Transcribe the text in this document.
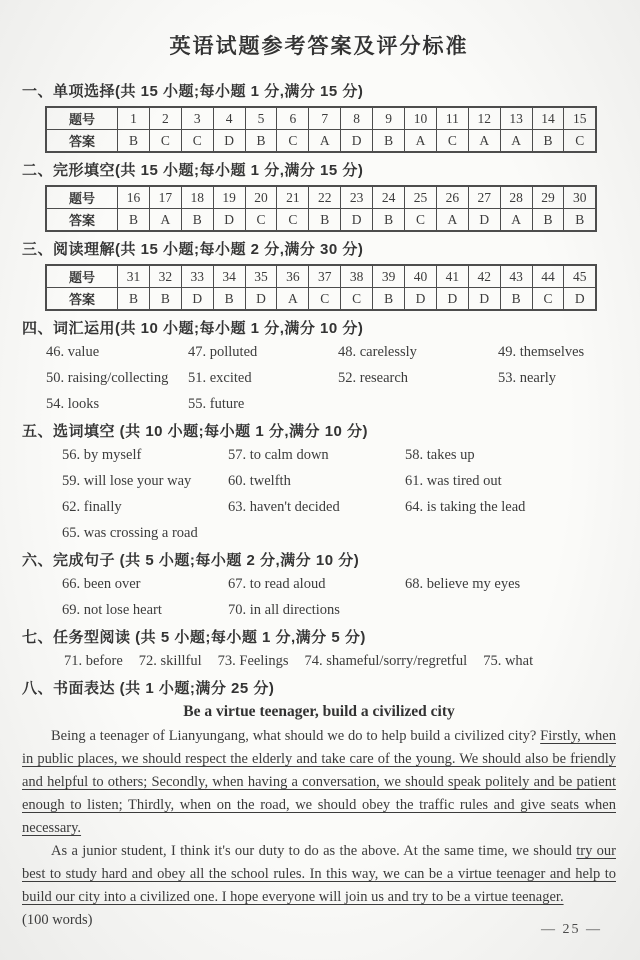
英语试题参考答案及评分标准
一、单项选择(共 15 小题;每小题 1 分,满分 15 分)
题号	1	2	3	4	5	6	7	8	9	10	11	12	13	14	15
答案	B	C	C	D	B	C	A	D	B	A	C	A	A	B	C
二、完形填空(共 15 小题;每小题 1 分,满分 15 分)
题号	16	17	18	19	20	21	22	23	24	25	26	27	28	29	30
答案	B	A	B	D	C	C	B	D	B	C	A	D	A	B	B
三、阅读理解(共 15 小题;每小题 2 分,满分 30 分)
题号	31	32	33	34	35	36	37	38	39	40	41	42	43	44	45
答案	B	B	D	B	D	A	C	C	B	D	D	D	B	C	D
四、词汇运用(共 10 小题;每小题 1 分,满分 10 分)
46. value	47. polluted	48. carelessly	49. themselves
50. raising/collecting	51. excited	52. research	53. nearly
54. looks	55. future
五、选词填空 (共 10 小题;每小题 1 分,满分 10 分)
56. by myself	57. to calm down	58. takes up
59. will lose your way	60. twelfth	61. was tired out
62. finally	63. haven't decided	64. is taking the lead
65. was crossing a road
六、完成句子 (共 5 小题;每小题 2 分,满分 10 分)
66. been over	67. to read aloud	68. believe my eyes
69. not lose heart	70. in all directions
七、任务型阅读 (共 5 小题;每小题 1 分,满分 5 分)
71. before 72. skillful 73. Feelings 74. shameful/sorry/regretful 75. what
八、书面表达 (共 1 小题;满分 25 分)
Be a virtue teenager, build a civilized city

Being a teenager of Lianyungang, what should we do to help build a civilized city? Firstly, when in public places, we should respect the elderly and take care of the young. We should also be friendly and helpful to others; Secondly, when having a conversation, we should speak politely and be patient enough to listen; Thirdly, when on the road, we should obey the traffic rules and give seats when necessary.

As a junior student, I think it's our duty to do as the above. At the same time, we should try our best to study hard and obey all the school rules. In this way, we can be a virtue teenager and help to build our city into a civilized one. I hope everyone will join us and try to be a virtue teenager.

(100 words)
— 25 —
